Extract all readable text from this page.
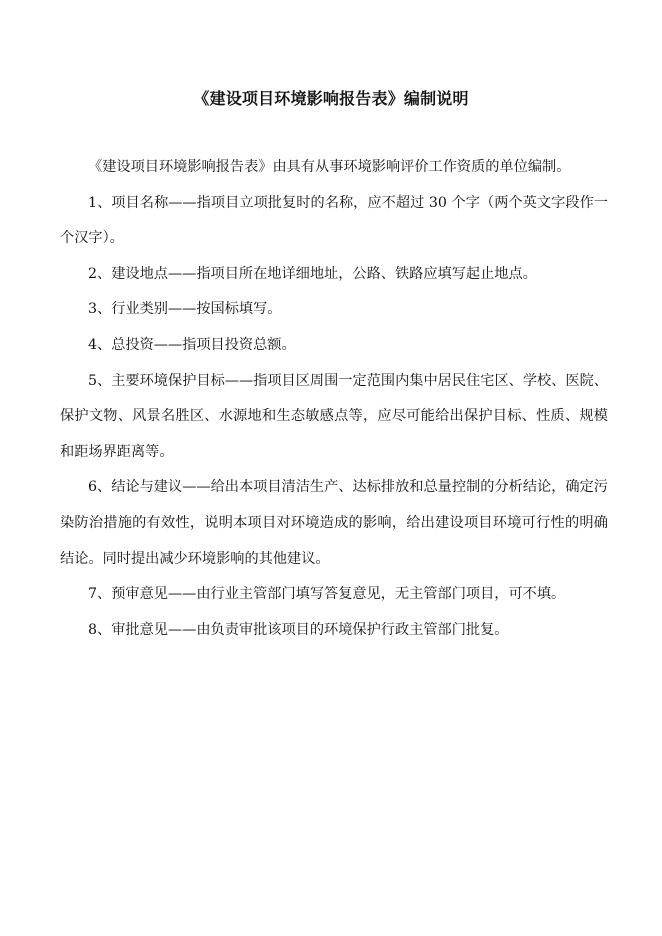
《建设项目环境影响报告表》编制说明

《建设项目环境影响报告表》由具有从事环境影响评价工作资质的单位编制。

1、项目名称——指项目立项批复时的名称，应不超过 30 个字（两个英文字段作一个汉字）。

2、建设地点——指项目所在地详细地址，公路、铁路应填写起止地点。

3、行业类别——按国标填写。

4、总投资——指项目投资总额。

5、主要环境保护目标——指项目区周围一定范围内集中居民住宅区、学校、医院、保护文物、风景名胜区、水源地和生态敏感点等，应尽可能给出保护目标、性质、规模和距场界距离等。

6、结论与建议——给出本项目清洁生产、达标排放和总量控制的分析结论，确定污染防治措施的有效性，说明本项目对环境造成的影响，给出建设项目环境可行性的明确结论。同时提出减少环境影响的其他建议。

7、预审意见——由行业主管部门填写答复意见，无主管部门项目，可不填。

8、审批意见——由负责审批该项目的环境保护行政主管部门批复。
